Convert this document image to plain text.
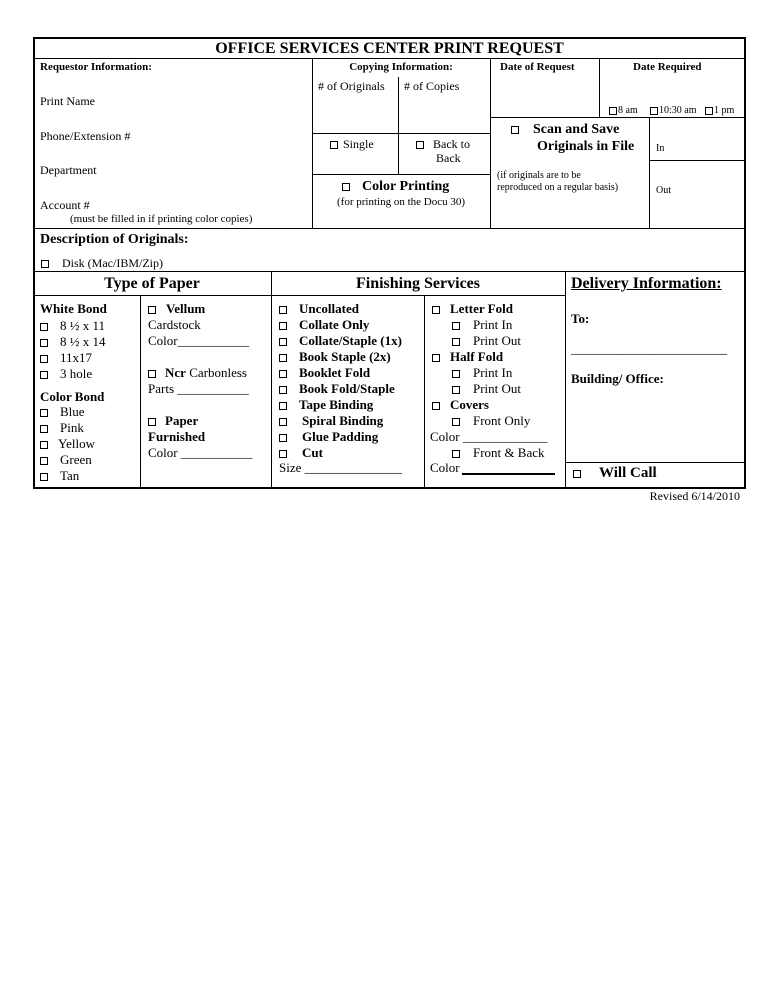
OFFICE SERVICES CENTER PRINT REQUEST
Requestor Information:
Print Name
Phone/Extension #
Department
Account #
(must be filled in if printing color copies)
Copying Information:
# of Originals # of Copies
Single	Back to
Back
Color Printing
(for printing on the Docu 30)
Date of Request	Date Required
8 am	10:30 am	1 pm
Scan and Save
Originals in File
(if originals are to be
reproduced on a regular basis)
In
Out
Description of Originals:
Disk (Mac/IBM/Zip)
Type of Paper	Finishing Services	Delivery Information:
White Bond
8 ½ x 11
8 ½ x 14
11x17
3 hole
Color Bond
Blue
Pink
Yellow
Green
Tan
Vellum
Cardstock
Color___________
Ncr Carbonless
Parts ___________
Paper
Furnished
Color ___________
Uncollated
Collate Only
Collate/Staple (1x)
Book Staple (2x)
Booklet Fold
Book Fold/Staple
Tape Binding
Spiral Binding
Glue Padding
Cut
Size _______________
Letter Fold
Print In
Print Out
Half Fold
Print In
Print Out
Covers
Front Only
Color _____________
Front & Back
Color
To:
________________________
Building/ Office:
Will Call
Revised 6/14/2010
